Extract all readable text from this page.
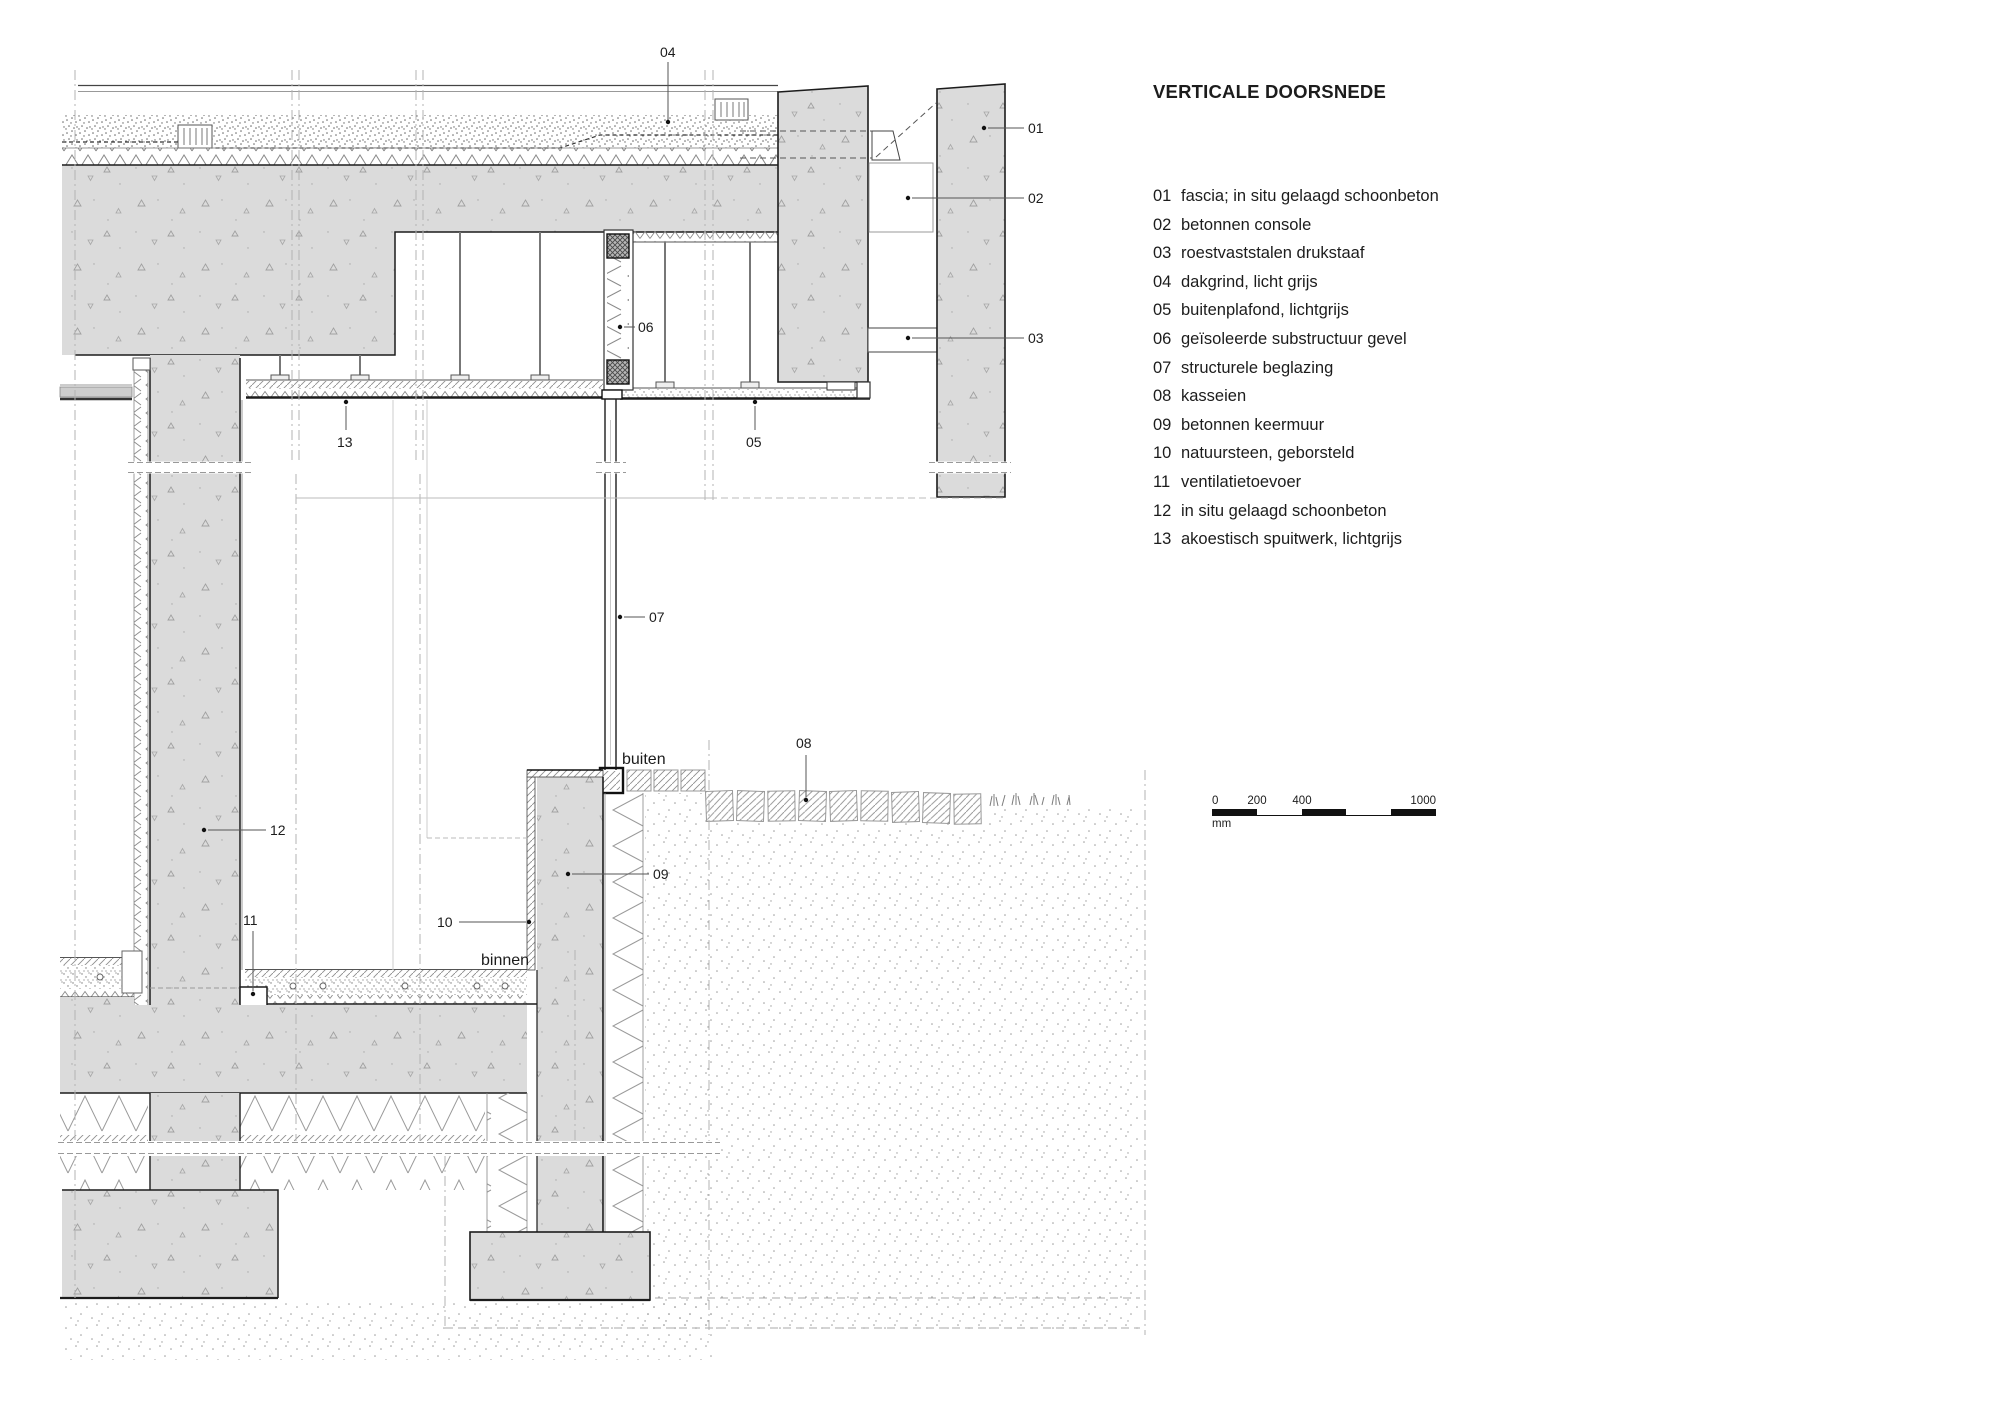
04
01
02
03
06
13	05
07
08
09
10
11
12
buiten
binnen
VERTICALE DOORSNEDE
01 fascia; in situ gelaagd schoonbeton
02 betonnen console
03 roestvaststalen drukstaaf
04 dakgrind, licht grijs
05 buitenplafond, lichtgrijs
06 geïsoleerde substructuur gevel
07 structurele beglazing
08 kasseien
09 betonnen keermuur
10 natuursteen, geborsteld
11 ventilatietoevoer
12 in situ gelaagd schoonbeton
13 akoestisch spuitwerk, lichtgrijs
0	200 400	1000
mm
